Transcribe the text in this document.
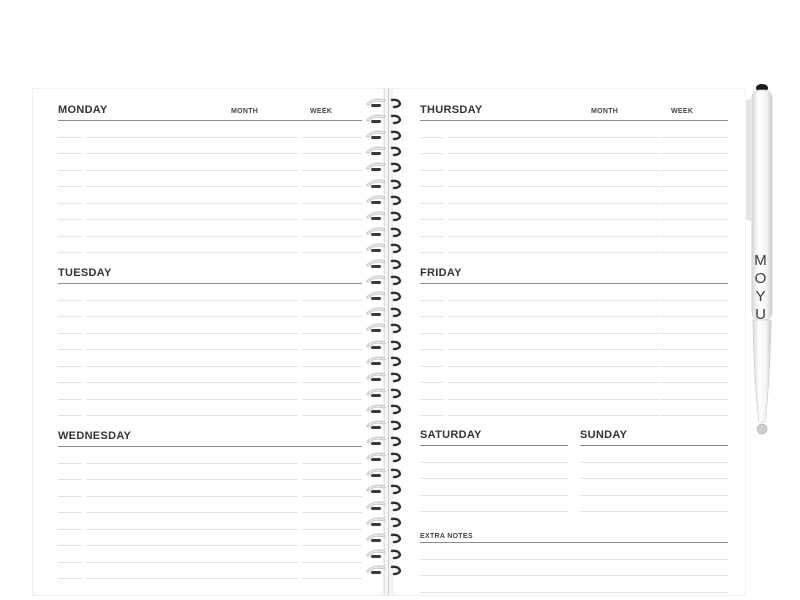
MONDAY	MONTH	WEEK
TUESDAY
WEDNESDAY
THURSDAY	MONTH	WEEK
FRIDAY
SATURDAY	SUNDAY
EXTRA NOTES
MOYU
